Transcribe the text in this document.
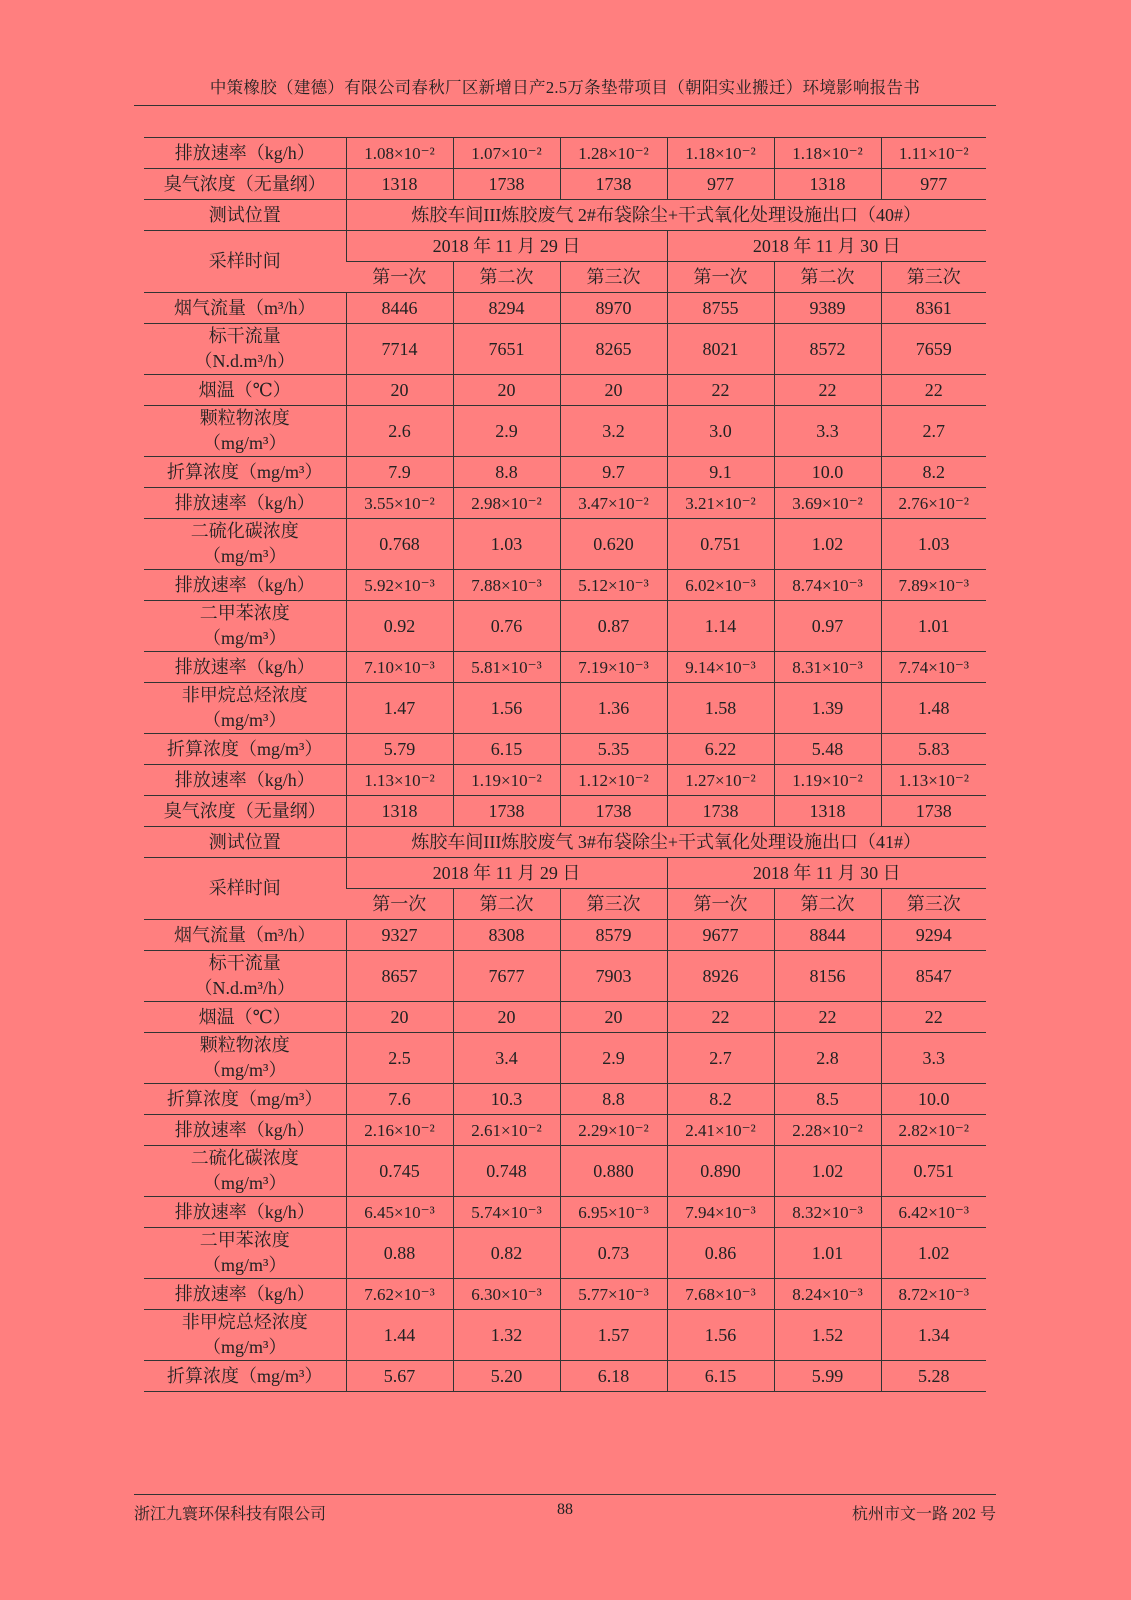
中策橡胶（建德）有限公司春秋厂区新增日产2.5万条垫带项目（朝阳实业搬迁）环境影响报告书
排放速率（kg/h）	1.08×10⁻²	1.07×10⁻²	1.28×10⁻²	1.18×10⁻²	1.18×10⁻²	1.11×10⁻²
臭气浓度（无量纲）	1318	1738	1738	977	1318	977
测试位置	炼胶车间III炼胶废气 2#布袋除尘+干式氧化处理设施出口（40#）					
采样时间	2018 年 11 月 29 日			2018 年 11 月 30 日		
	第一次	第二次	第三次	第一次	第二次	第三次
烟气流量（m³/h）	8446	8294	8970	8755	9389	8361
标干流量
（N.d.m³/h）	7714	7651	8265	8021	8572	7659
烟温（℃）	20	20	20	22	22	22
颗粒物浓度
（mg/m³）	2.6	2.9	3.2	3.0	3.3	2.7
折算浓度（mg/m³）	7.9	8.8	9.7	9.1	10.0	8.2
排放速率（kg/h）	3.55×10⁻²	2.98×10⁻²	3.47×10⁻²	3.21×10⁻²	3.69×10⁻²	2.76×10⁻²
二硫化碳浓度
（mg/m³）	0.768	1.03	0.620	0.751	1.02	1.03
排放速率（kg/h）	5.92×10⁻³	7.88×10⁻³	5.12×10⁻³	6.02×10⁻³	8.74×10⁻³	7.89×10⁻³
二甲苯浓度
（mg/m³）	0.92	0.76	0.87	1.14	0.97	1.01
排放速率（kg/h）	7.10×10⁻³	5.81×10⁻³	7.19×10⁻³	9.14×10⁻³	8.31×10⁻³	7.74×10⁻³
非甲烷总烃浓度
（mg/m³）	1.47	1.56	1.36	1.58	1.39	1.48
折算浓度（mg/m³）	5.79	6.15	5.35	6.22	5.48	5.83
排放速率（kg/h）	1.13×10⁻²	1.19×10⁻²	1.12×10⁻²	1.27×10⁻²	1.19×10⁻²	1.13×10⁻²
臭气浓度（无量纲）	1318	1738	1738	1738	1318	1738
测试位置	炼胶车间III炼胶废气 3#布袋除尘+干式氧化处理设施出口（41#）					
采样时间	2018 年 11 月 29 日			2018 年 11 月 30 日		
	第一次	第二次	第三次	第一次	第二次	第三次
烟气流量（m³/h）	9327	8308	8579	9677	8844	9294
标干流量
（N.d.m³/h）	8657	7677	7903	8926	8156	8547
烟温（℃）	20	20	20	22	22	22
颗粒物浓度
（mg/m³）	2.5	3.4	2.9	2.7	2.8	3.3
折算浓度（mg/m³）	7.6	10.3	8.8	8.2	8.5	10.0
排放速率（kg/h）	2.16×10⁻²	2.61×10⁻²	2.29×10⁻²	2.41×10⁻²	2.28×10⁻²	2.82×10⁻²
二硫化碳浓度
（mg/m³）	0.745	0.748	0.880	0.890	1.02	0.751
排放速率（kg/h）	6.45×10⁻³	5.74×10⁻³	6.95×10⁻³	7.94×10⁻³	8.32×10⁻³	6.42×10⁻³
二甲苯浓度
（mg/m³）	0.88	0.82	0.73	0.86	1.01	1.02
排放速率（kg/h）	7.62×10⁻³	6.30×10⁻³	5.77×10⁻³	7.68×10⁻³	8.24×10⁻³	8.72×10⁻³
非甲烷总烃浓度
（mg/m³）	1.44	1.32	1.57	1.56	1.52	1.34
折算浓度（mg/m³）	5.67	5.20	6.18	6.15	5.99	5.28
浙江九寰环保科技有限公司	88	杭州市文一路 202 号
